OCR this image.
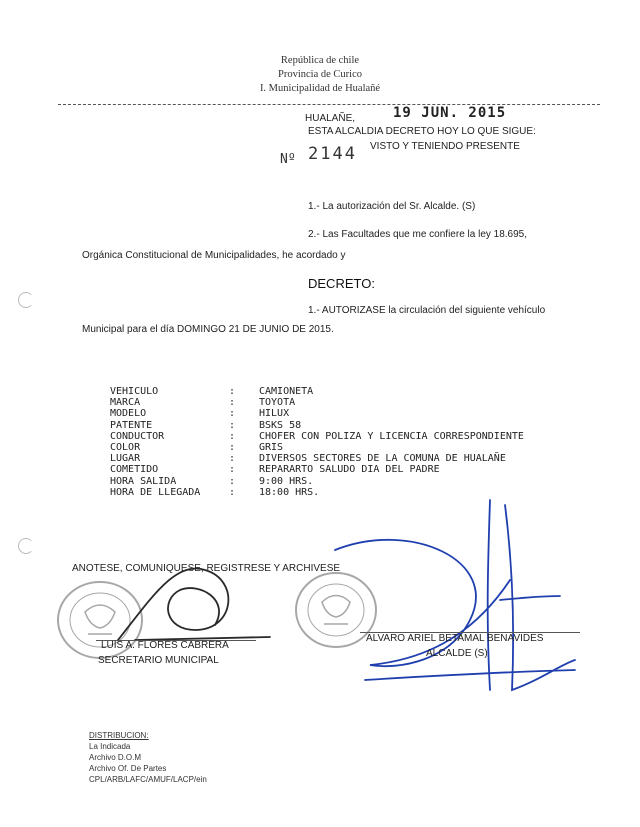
República de chile
Provincia de Curico
I. Municipalidad de Hualañé
HUALAÑE,	19 JUN. 2015
ESTA ALCALDIA DECRETO HOY LO QUE SIGUE:
Nº 2144 VISTO Y TENIENDO PRESENTE
1.- La autorización del Sr. Alcalde. (S)
2.- Las Facultades que me confiere la ley 18.695,
Orgánica Constitucional de Municipalidades, he acordado y
DECRETO:
1.- AUTORIZASE la circulación del siguiente vehículo
Municipal para el día DOMINGO 21 DE JUNIO DE 2015.
VEHICULO	: CAMIONETA
MARCA	: TOYOTA
MODELO	: HILUX
PATENTE	: BSKS 58
CONDUCTOR	: CHOFER CON POLIZA Y LICENCIA CORRESPONDIENTE
COLOR	: GRIS
LUGAR	: DIVERSOS SECTORES DE LA COMUNA DE HUALAÑE
COMETIDO	: REPARARTO SALUDO DIA DEL PADRE
HORA SALIDA	: 9:00 HRS.
HORA DE LLEGADA	: 18:00 HRS.
ANOTESE, COMUNIQUESE, REGISTRESE Y ARCHIVESE
LUIS A. FLORES CABRERA
SECRETARIO MUNICIPAL
ALVARO ARIEL BETAMAL BENAVIDES
ALCALDE (S)
DISTRIBUCION:
La Indicada
Archivo D.O.M
Archivo Of. De Partes
CPL/ARB/LAFC/AMUF/LACP/ein
